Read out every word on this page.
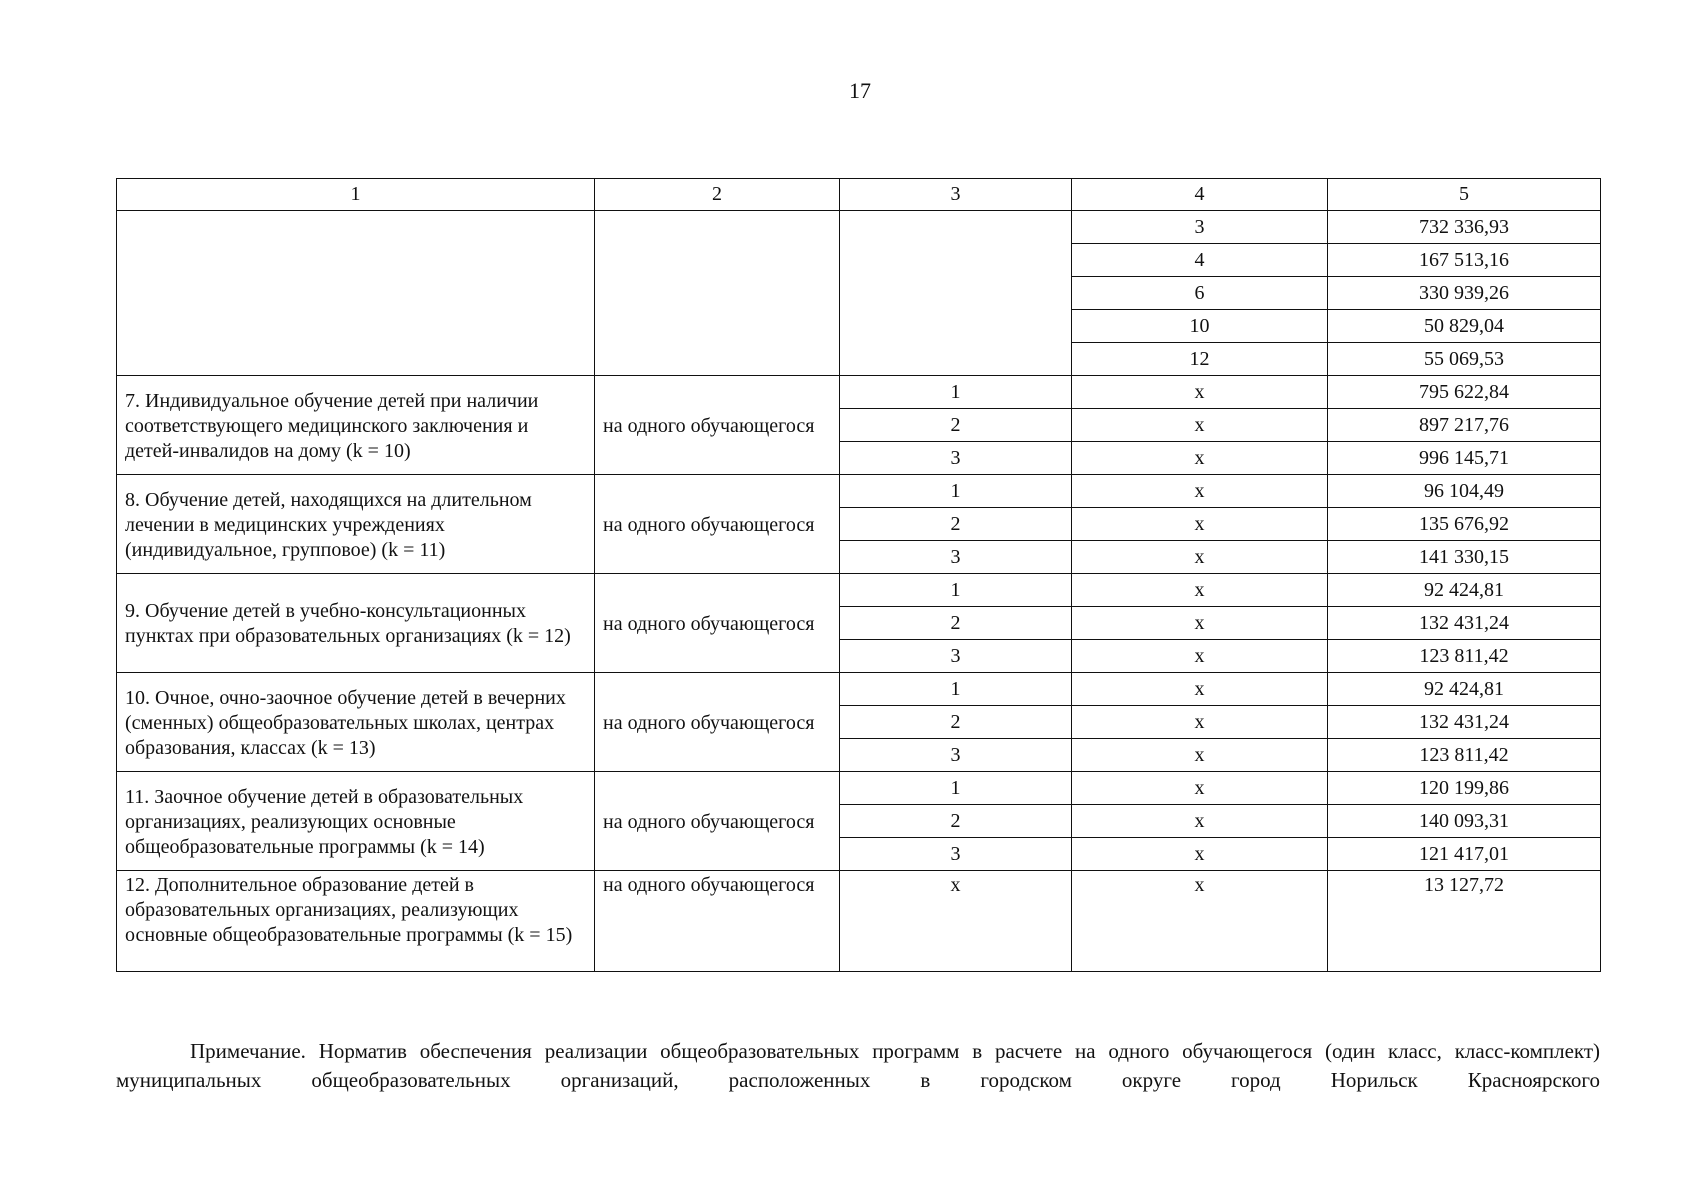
17
1	2	3	4	5
			3	732 336,93
			4	167 513,16
			6	330 939,26
			10	50 829,04
			12	55 069,53
7. Индивидуальное обучение детей при наличии соответствующего медицинского заключения и детей-инвалидов на дому (k = 10)	на одного обучающегося	1	x	795 622,84
		2	x	897 217,76
		3	x	996 145,71
8. Обучение детей, находящихся на длительном лечении в медицинских учреждениях (индивидуальное, групповое) (k = 11)	на одного обучающегося	1	x	96 104,49
		2	x	135 676,92
		3	x	141 330,15
9. Обучение детей в учебно-консультационных пунктах при образовательных организациях (k = 12)	на одного обучающегося	1	x	92 424,81
		2	x	132 431,24
		3	x	123 811,42
10. Очное, очно-заочное обучение детей в вечерних (сменных) общеобразовательных школах, центрах образования, классах (k = 13)	на одного обучающегося	1	x	92 424,81
		2	x	132 431,24
		3	x	123 811,42
11. Заочное обучение детей в образовательных организациях, реализующих основные общеобразовательные программы (k = 14)	на одного обучающегося	1	x	120 199,86
		2	x	140 093,31
		3	x	121 417,01
12. Дополнительное образование детей в образовательных организациях, реализующих основные общеобразовательные программы (k = 15)	на одного обучающегося	x	x	13 127,72

Примечание. Норматив обеспечения реализации общеобразовательных программ в расчете на одного обучающегося (один класс, класс-комплект) муниципальных общеобразовательных организаций, расположенных в городском округе город Норильск Красноярского
